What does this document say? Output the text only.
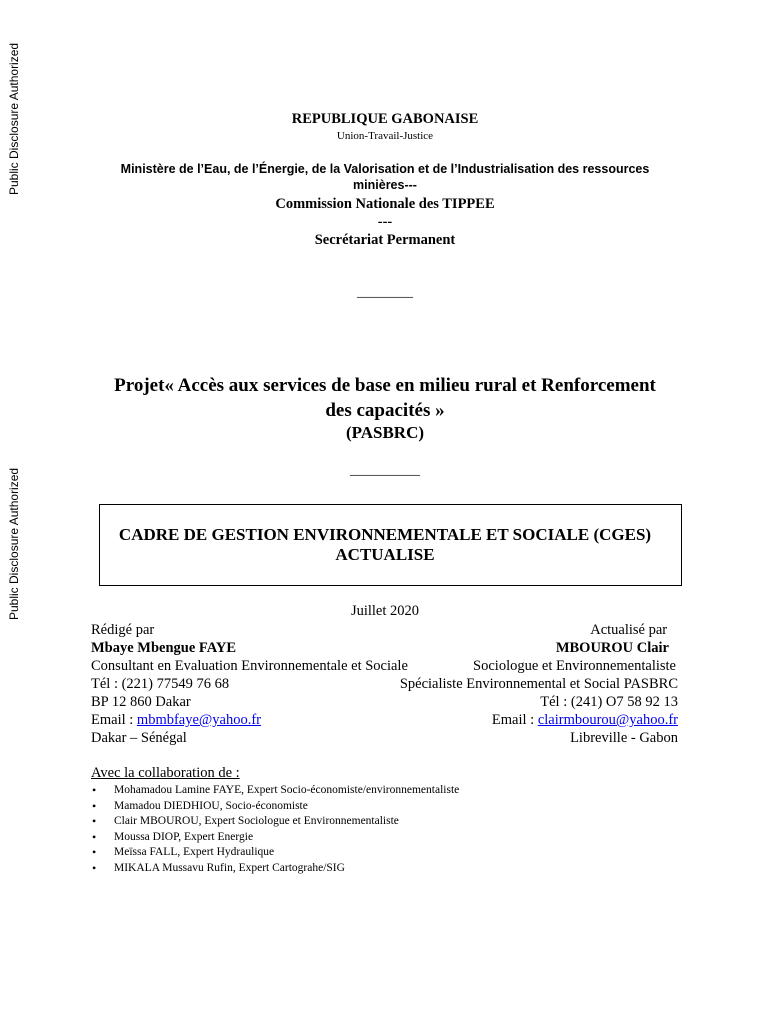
Public Disclosure Authorized
Public Disclosure Authorized
REPUBLIQUE GABONAISE
Union-Travail-Justice
Ministère de l’Eau, de l’Énergie, de la Valorisation et de l’Industrialisation des ressources
minières---
Commission Nationale des TIPPEE
---
Secrétariat Permanent
________
Projet« Accès aux services de base en milieu rural et Renforcement
des capacités »
(PASBRC)
__________
CADRE DE GESTION ENVIRONNEMENTALE ET SOCIALE (CGES)
ACTUALISE
Juillet 2020
Rédigé par
Mbaye Mbengue FAYE
Consultant en Evaluation Environnementale et Sociale
Tél : (221) 77549 76 68
BP 12 860 Dakar
Email : mbmbfaye@yahoo.fr
Dakar – Sénégal
Actualisé par
MBOUROU Clair
Sociologue et Environnementaliste
Spécialiste Environnemental et Social PASBRC
Tél : (241) O7 58 92 13
Email : clairmbourou@yahoo.fr
Libreville - Gabon
Avec la collaboration de :
• Mohamadou Lamine FAYE, Expert Socio-économiste/environnementaliste
• Mamadou DIEDHIOU, Socio-économiste
• Clair MBOUROU, Expert Sociologue et Environnementaliste
• Moussa DIOP, Expert Energie
• Meïssa FALL, Expert Hydraulique
• MIKALA Mussavu Rufin, Expert Cartograhe/SIG
